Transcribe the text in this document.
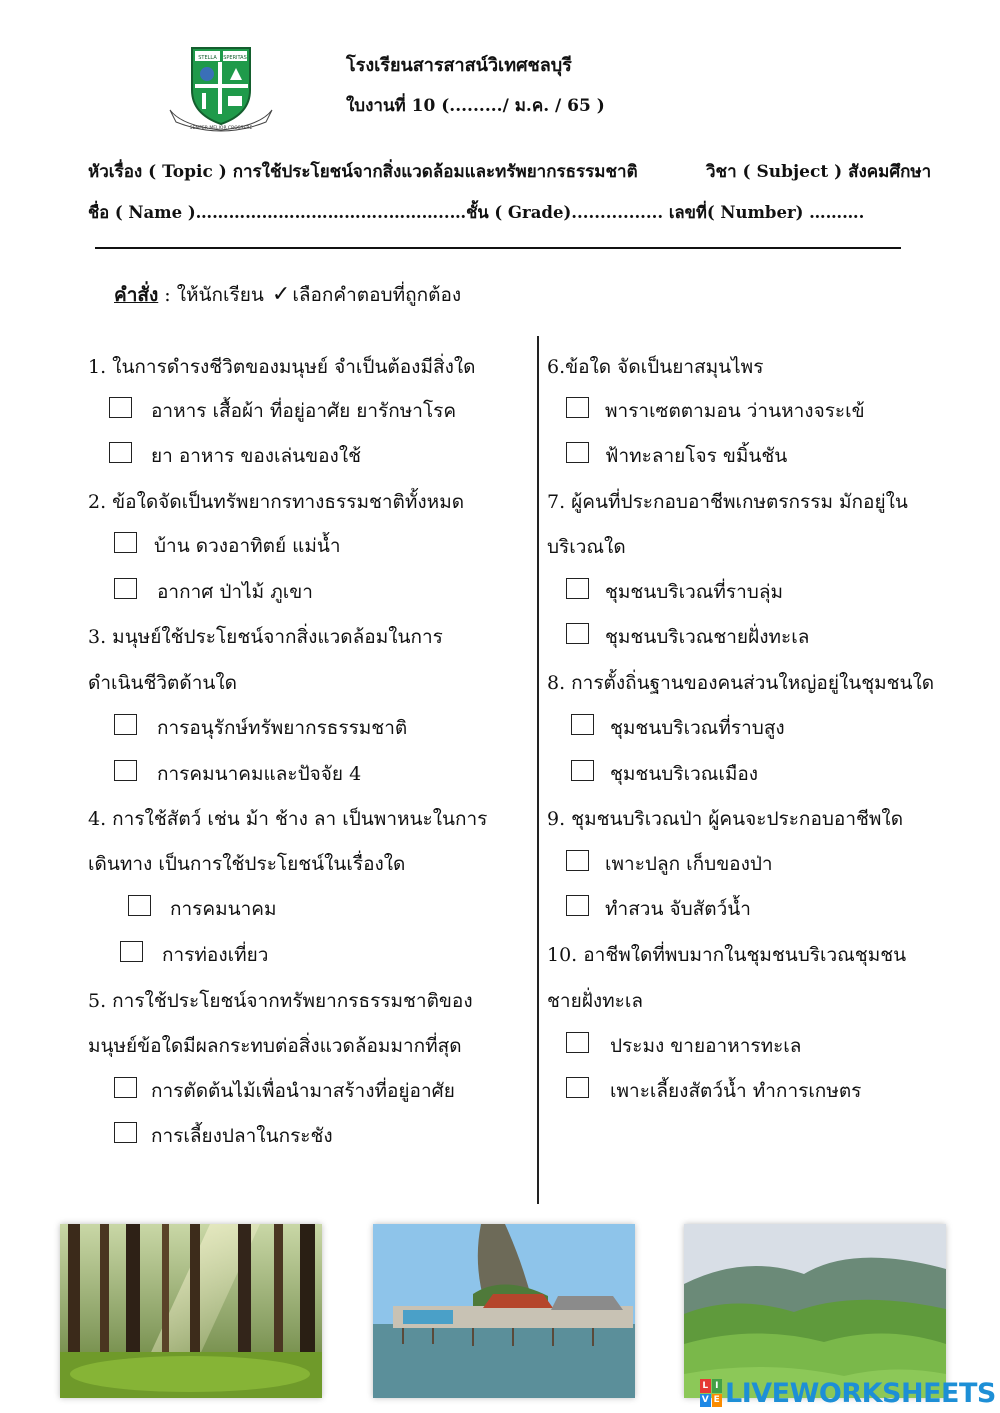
STELLA SPERITAS
SEMPER MELIOR CROSSERE
โรงเรียนสารสาสน์วิเทศชลบุรี
ใบงานที่ 10 (........./ ม.ค. / 65 )
หัวเรื่อง ( Topic ) การใช้ประโยชน์จากสิ่งแวดล้อมและทรัพยากรธรรมชาติ	วิชา ( Subject ) สังคมศึกษา
ชื่อ ( Name )……………………………..………..…ชั้น ( Grade)................ เลขที่( Number) ……….
คำสั่ง : ให้นักเรียน ✓ เลือกคำตอบที่ถูกต้อง
1. ในการดำรงชีวิตของมนุษย์ จำเป็นต้องมีสิ่งใด
อาหาร เสื้อผ้า ที่อยู่อาศัย ยารักษาโรค
ยา อาหาร ของเล่นของใช้
2. ข้อใดจัดเป็นทรัพยากรทางธรรมชาติทั้งหมด
บ้าน ดวงอาทิตย์ แม่น้ำ
อากาศ ป่าไม้ ภูเขา
3. มนุษย์ใช้ประโยชน์จากสิ่งแวดล้อมในการ
ดำเนินชีวิตด้านใด
การอนุรักษ์ทรัพยากรธรรมชาติ
การคมนาคมและปัจจัย 4
4. การใช้สัตว์ เช่น ม้า ช้าง ลา เป็นพาหนะในการ
เดินทาง เป็นการใช้ประโยชน์ในเรื่องใด
การคมนาคม
การท่องเที่ยว
5. การใช้ประโยชน์จากทรัพยากรธรรมชาติของ
มนุษย์ข้อใดมีผลกระทบต่อสิ่งแวดล้อมมากที่สุด
การตัดต้นไม้เพื่อนำมาสร้างที่อยู่อาศัย
การเลี้ยงปลาในกระชัง
6.ข้อใด จัดเป็นยาสมุนไพร
พาราเซตตามอน ว่านหางจระเข้
ฟ้าทะลายโจร ขมิ้นชัน
7. ผู้คนที่ประกอบอาชีพเกษตรกรรม มักอยู่ใน
บริเวณใด
ชุมชนบริเวณที่ราบลุ่ม
ชุมชนบริเวณชายฝั่งทะเล
8. การตั้งถิ่นฐานของคนส่วนใหญ่อยู่ในชุมชนใด
ชุมชนบริเวณที่ราบสูง
ชุมชนบริเวณเมือง
9. ชุมชนบริเวณป่า ผู้คนจะประกอบอาชีพใด
เพาะปลูก เก็บของป่า
ทำสวน จับสัตว์น้ำ
10. อาชีพใดที่พบมากในชุมชนบริเวณชุมชน
ชายฝั่งทะเล
ประมง ขายอาหารทะเล
เพาะเลี้ยงสัตว์น้ำ ทำการเกษตร
L I
V E LIVEWORKSHEETS
